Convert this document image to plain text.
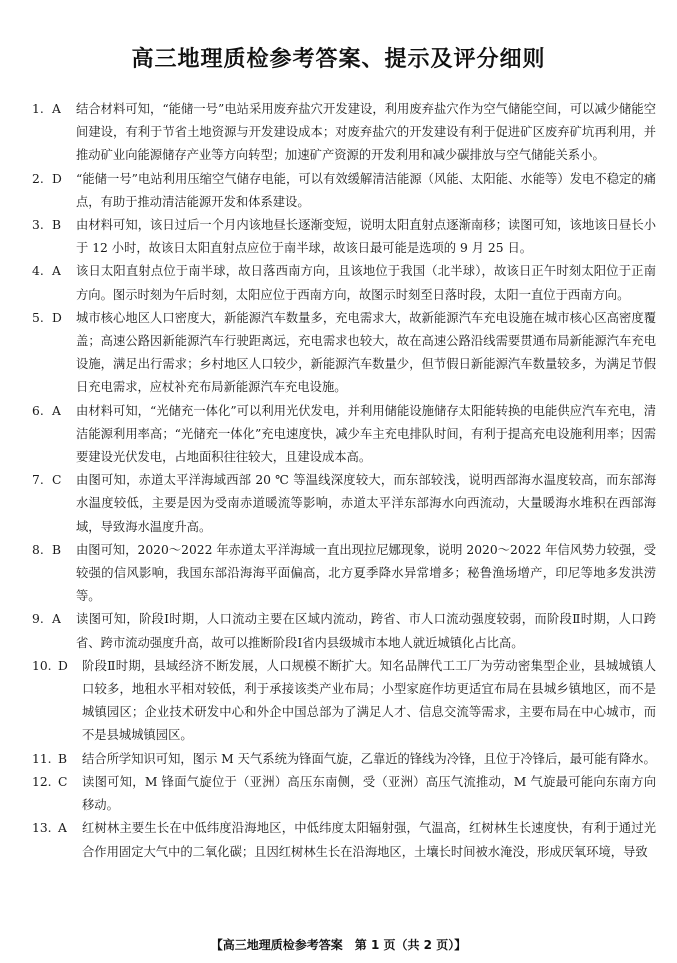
高三地理质检参考答案、提示及评分细则
1. A	结合材料可知，“能储一号”电站采用废弃盐穴开发建设，利用废弃盐穴作为空气储能空间，可以减少储能空间建设，有利于节省土地资源与开发建设成本；对废弃盐穴的开发建设有利于促进矿区废弃矿坑再利用，并推动矿业向能源储存产业等方向转型；加速矿产资源的开发利用和减少碳排放与空气储能关系小。
2. D	“能储一号”电站利用压缩空气储存电能，可以有效缓解清洁能源（风能、太阳能、水能等）发电不稳定的痛点，有助于推动清洁能源开发和体系建设。
3. B	由材料可知，该日过后一个月内该地昼长逐渐变短，说明太阳直射点逐渐南移；读图可知，该地该日昼长小于 12 小时，故该日太阳直射点应位于南半球，故该日最可能是选项的 9 月 25 日。
4. A	该日太阳直射点位于南半球，故日落西南方向，且该地位于我国（北半球），故该日正午时刻太阳位于正南方向。图示时刻为午后时刻，太阳应位于西南方向，故图示时刻至日落时段，太阳一直位于西南方向。
5. D	城市核心地区人口密度大，新能源汽车数量多，充电需求大，故新能源汽车充电设施在城市核心区高密度覆盖；高速公路因新能源汽车行驶距离远，充电需求也较大，故在高速公路沿线需要贯通布局新能源汽车充电设施，满足出行需求；乡村地区人口较少，新能源汽车数量少，但节假日新能源汽车数量较多，为满足节假日充电需求，应杖补充布局新能源汽车充电设施。
6. A	由材料可知，“光储充一体化”可以利用光伏发电，并利用储能设施储存太阳能转换的电能供应汽车充电，清洁能源利用率高；“光储充一体化”充电速度快，减少车主充电排队时间，有利于提高充电设施利用率；因需要建设光伏发电，占地面积往往较大，且建设成本高。
7. C	由图可知，赤道太平洋海域西部 20 ℃ 等温线深度较大，而东部较浅，说明西部海水温度较高，而东部海水温度较低，主要是因为受南赤道暖流等影响，赤道太平洋东部海水向西流动，大量暖海水堆积在西部海域，导致海水温度升高。
8. B	由图可知，2020～2022 年赤道太平洋海域一直出现拉尼娜现象，说明 2020～2022 年信风势力较强，受较强的信风影响，我国东部沿海海平面偏高，北方夏季降水异常增多；秘鲁渔场增产，印尼等地多发洪涝等。
9. A	读图可知，阶段Ⅰ时期，人口流动主要在区域内流动，跨省、市人口流动强度较弱，而阶段Ⅱ时期，人口跨省、跨市流动强度升高，故可以推断阶段Ⅰ省内县级城市本地人就近城镇化占比高。
10. D	阶段Ⅱ时期，县域经济不断发展，人口规模不断扩大。知名品牌代工工厂为劳动密集型企业，县城城镇人口较多，地租水平相对较低，利于承接该类产业布局；小型家庭作坊更适宜布局在县城乡镇地区，而不是城镇园区；企业技术研发中心和外企中国总部为了满足人才、信息交流等需求，主要布局在中心城市，而不是县城城镇园区。
11. B	结合所学知识可知，图示 M 天气系统为锋面气旋，乙靠近的锋线为冷锋，且位于冷锋后，最可能有降水。
12. C	读图可知，M 锋面气旋位于（亚洲）高压东南侧，受（亚洲）高压气流推动，M 气旋最可能向东南方向移动。
13. A	红树林主要生长在中低纬度沿海地区，中低纬度太阳辐射强，气温高，红树林生长速度快，有利于通过光合作用固定大气中的二氧化碳；且因红树林生长在沿海地区，土壤长时间被水淹没，形成厌氧环境，导致
【高三地理质检参考答案　第 1 页（共 2 页）】
